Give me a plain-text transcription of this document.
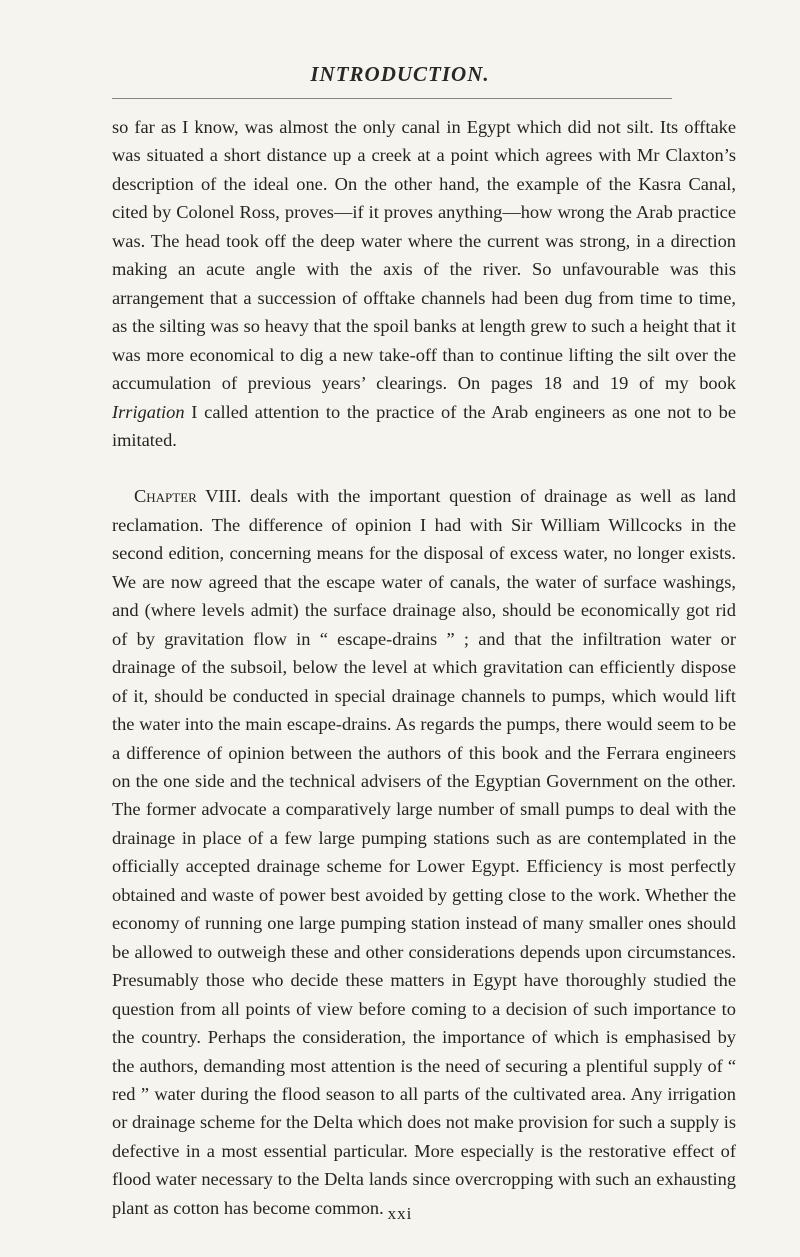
INTRODUCTION.

so far as I know, was almost the only canal in Egypt which did not silt. Its offtake was situated a short distance up a creek at a point which agrees with Mr Claxton’s description of the ideal one. On the other hand, the example of the Kasra Canal, cited by Colonel Ross, proves—if it proves anything—how wrong the Arab practice was. The head took off the deep water where the current was strong, in a direction making an acute angle with the axis of the river. So unfavourable was this arrangement that a succession of offtake channels had been dug from time to time, as the silting was so heavy that the spoil banks at length grew to such a height that it was more economical to dig a new take-off than to continue lifting the silt over the accumulation of previous years’ clearings. On pages 18 and 19 of my book Irrigation I called attention to the practice of the Arab engineers as one not to be imitated.

Chapter VIII. deals with the important question of drainage as well as land reclamation. The difference of opinion I had with Sir William Willcocks in the second edition, concerning means for the disposal of excess water, no longer exists. We are now agreed that the escape water of canals, the water of surface washings, and (where levels admit) the surface drainage also, should be economically got rid of by gravitation flow in “ escape-drains ” ; and that the infiltration water or drainage of the subsoil, below the level at which gravitation can efficiently dispose of it, should be conducted in special drainage channels to pumps, which would lift the water into the main escape-drains. As regards the pumps, there would seem to be a difference of opinion between the authors of this book and the Ferrara engineers on the one side and the technical advisers of the Egyptian Government on the other. The former advocate a comparatively large number of small pumps to deal with the drainage in place of a few large pumping stations such as are contemplated in the officially accepted drainage scheme for Lower Egypt. Efficiency is most perfectly obtained and waste of power best avoided by getting close to the work. Whether the economy of running one large pumping station instead of many smaller ones should be allowed to outweigh these and other considerations depends upon circumstances. Presumably those who decide these matters in Egypt have thoroughly studied the question from all points of view before coming to a decision of such importance to the country. Perhaps the consideration, the importance of which is emphasised by the authors, demanding most attention is the need of securing a plentiful supply of “ red ” water during the flood season to all parts of the cultivated area. Any irrigation or drainage scheme for the Delta which does not make provision for such a supply is defective in a most essential particular. More especially is the restorative effect of flood water necessary to the Delta lands since overcropping with such an exhausting plant as cotton has become common. xxi
